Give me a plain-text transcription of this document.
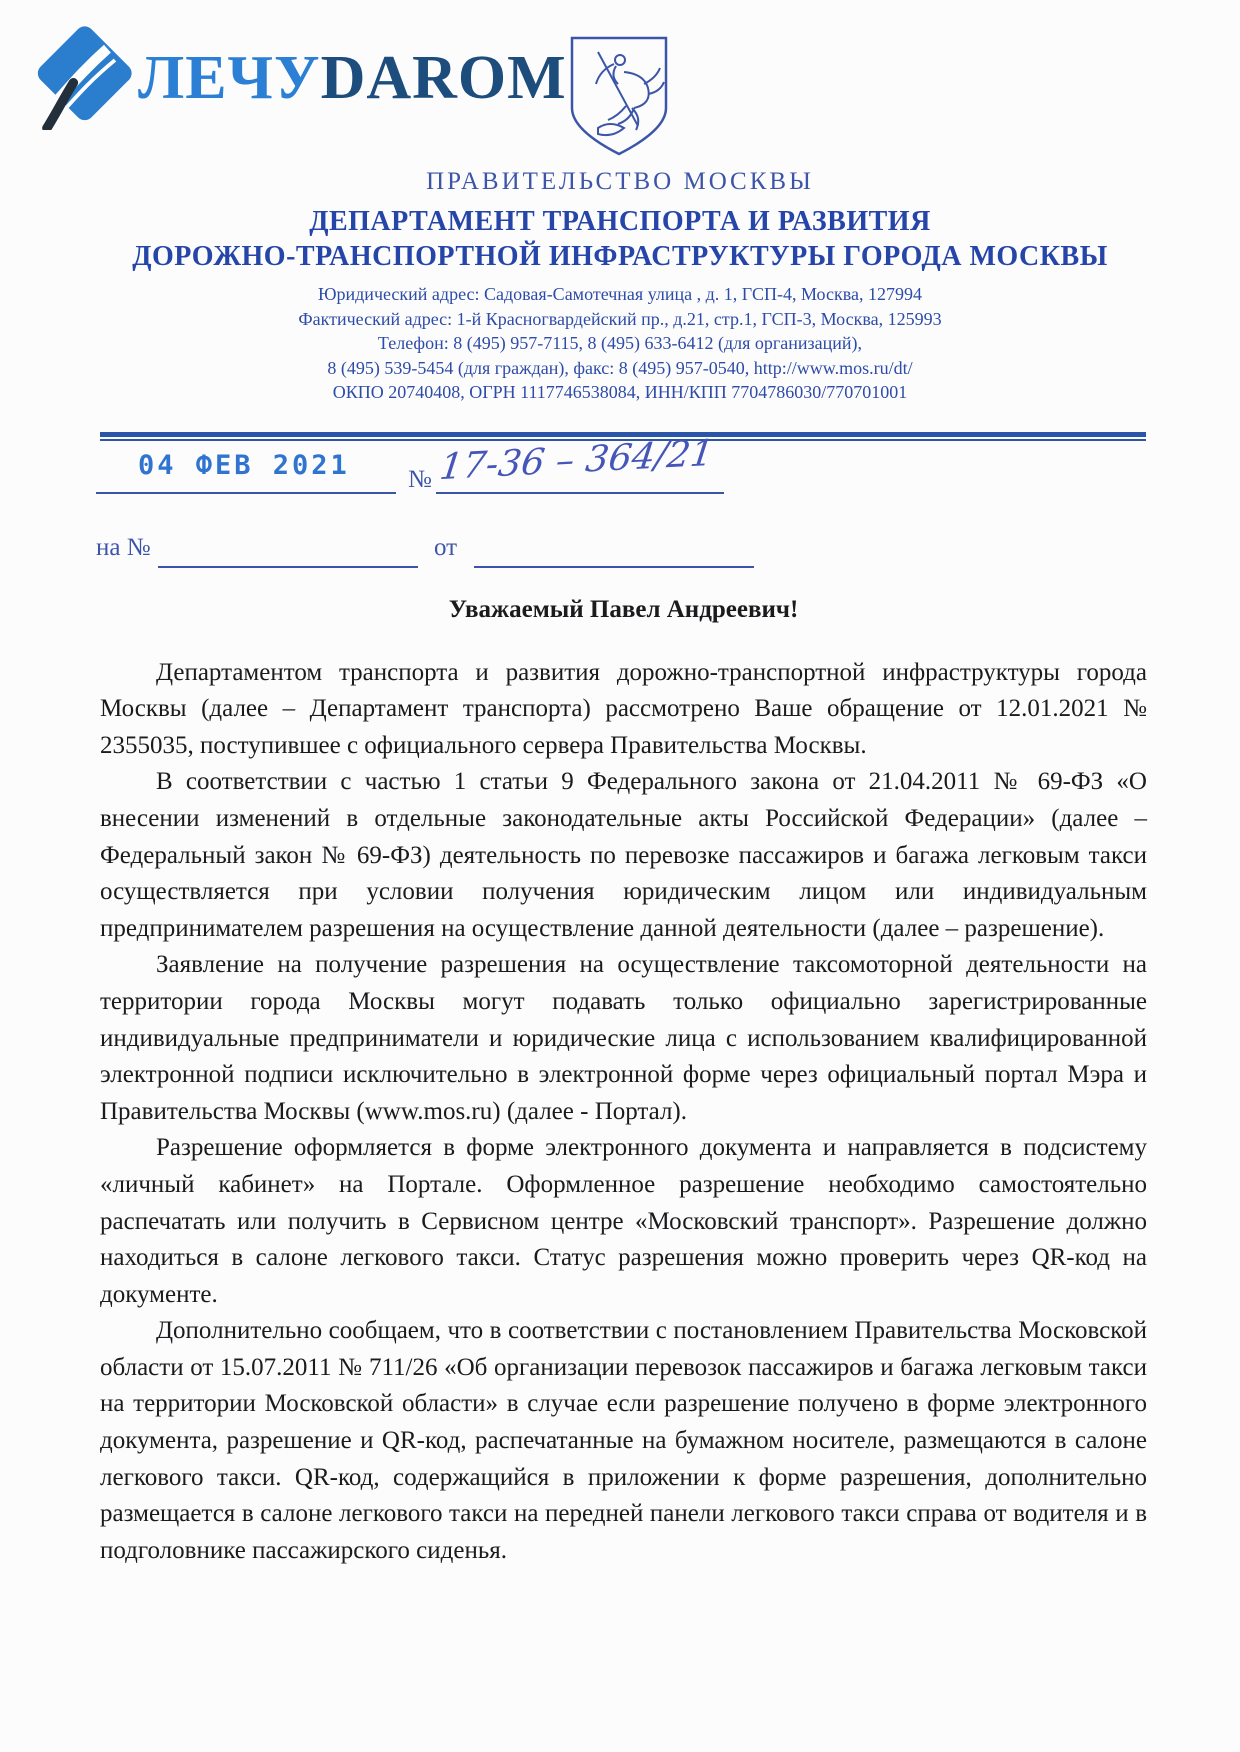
ЛЕЧУDAROM
ПРАВИТЕЛЬСТВО МОСКВЫ
ДЕПАРТАМЕНТ ТРАНСПОРТА И РАЗВИТИЯ
ДОРОЖНО-ТРАНСПОРТНОЙ ИНФРАСТРУКТУРЫ ГОРОДА МОСКВЫ
Юридический адрес: Садовая-Самотечная улица , д. 1, ГСП-4, Москва, 127994
Фактический адрес: 1-й Красногвардейский пр., д.21, стр.1, ГСП-3, Москва, 125993
Телефон: 8 (495) 957-7115, 8 (495) 633-6412 (для организаций),
8 (495) 539-5454 (для граждан), факс: 8 (495) 957-0540, http://www.mos.ru/dt/
ОКПО 20740408, ОГРН 1117746538084, ИНН/КПП 7704786030/770701001
04 ФЕВ 2021 № 17-36 – 364/21
на №	от
Уважаемый Павел Андреевич!

Департаментом транспорта и развития дорожно-транспортной инфраструктуры города Москвы (далее – Департамент транспорта) рассмотрено Ваше обращение от 12.01.2021 № 2355035, поступившее с официального сервера Правительства Москвы.

В соответствии с частью 1 статьи 9 Федерального закона от 21.04.2011 № 69-ФЗ «О внесении изменений в отдельные законодательные акты Российской Федерации» (далее – Федеральный закон № 69-ФЗ) деятельность по перевозке пассажиров и багажа легковым такси осуществляется при условии получения юридическим лицом или индивидуальным предпринимателем разрешения на осуществление данной деятельности (далее – разрешение).

Заявление на получение разрешения на осуществление таксомоторной деятельности на территории города Москвы могут подавать только официально зарегистрированные индивидуальные предприниматели и юридические лица с использованием квалифицированной электронной подписи исключительно в электронной форме через официальный портал Мэра и Правительства Москвы (www.mos.ru) (далее - Портал).

Разрешение оформляется в форме электронного документа и направляется в подсистему «личный кабинет» на Портале. Оформленное разрешение необходимо самостоятельно распечатать или получить в Сервисном центре «Московский транспорт». Разрешение должно находиться в салоне легкового такси. Статус разрешения можно проверить через QR-код на документе.

Дополнительно сообщаем, что в соответствии с постановлением Правительства Московской области от 15.07.2011 № 711/26 «Об организации перевозок пассажиров и багажа легковым такси на территории Московской области» в случае если разрешение получено в форме электронного документа, разрешение и QR-код, распечатанные на бумажном носителе, размещаются в салоне легкового такси. QR-код, содержащийся в приложении к форме разрешения, дополнительно размещается в салоне легкового такси на передней панели легкового такси справа от водителя и в подголовнике пассажирского сиденья.
